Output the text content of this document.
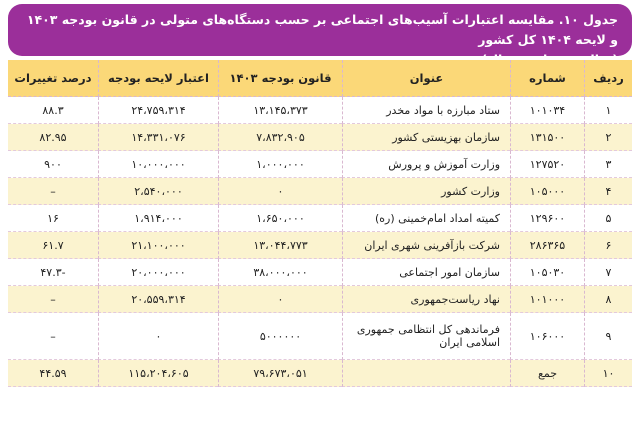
جدول ۱۰. مقایسه اعتبارات آسیب‌های اجتماعی بر حسب دستگاه‌های متولی در قانون بودجه ۱۴۰۳ و لایحه ۱۴۰۴ کل کشور
ردیف	شماره	عنوان	قانون بودجه ۱۴۰۳	اعتبار لایحه بودجه	درصد تغییرات
۱	۱۰۱۰۳۴	ستاد مبارزه با مواد مخدر	۱۳،۱۴۵،۳۷۳	۲۴،۷۵۹،۳۱۴	۸۸.۳
۲	۱۳۱۵۰۰	سازمان بهزیستی کشور	۷،۸۳۲،۹۰۵	۱۴،۳۳۱،۰۷۶	۸۲.۹۵
۳	۱۲۷۵۲۰	وزارت آموزش و پرورش	۱،۰۰۰،۰۰۰	۱۰،۰۰۰،۰۰۰	۹۰۰
۴	۱۰۵۰۰۰	وزارت کشور	۰	۲،۵۴۰،۰۰۰	–
۵	۱۲۹۶۰۰	کمیته امداد امام‌خمینی (ره)	۱،۶۵۰،۰۰۰	۱،۹۱۴،۰۰۰	۱۶
۶	۲۸۶۳۶۵	شرکت بازآفرینی شهری ایران	۱۳،۰۴۴،۷۷۳	۲۱،۱۰۰،۰۰۰	۶۱.۷
۷	۱۰۵۰۳۰	سازمان امور اجتماعی	۳۸،۰۰۰،۰۰۰	۲۰،۰۰۰،۰۰۰	-۴۷.۳
۸	۱۰۱۰۰۰	نهاد ریاست‌جمهوری	۰	۲۰،۵۵۹،۳۱۴	–
۹	۱۰۶۰۰۰	فرماندهی کل انتظامی جمهوری اسلامی ایران	۵۰۰۰۰۰۰	۰	–
۱۰	جمع		۷۹،۶۷۳،۰۵۱	۱۱۵،۲۰۴،۶۰۵	۴۴.۵۹
